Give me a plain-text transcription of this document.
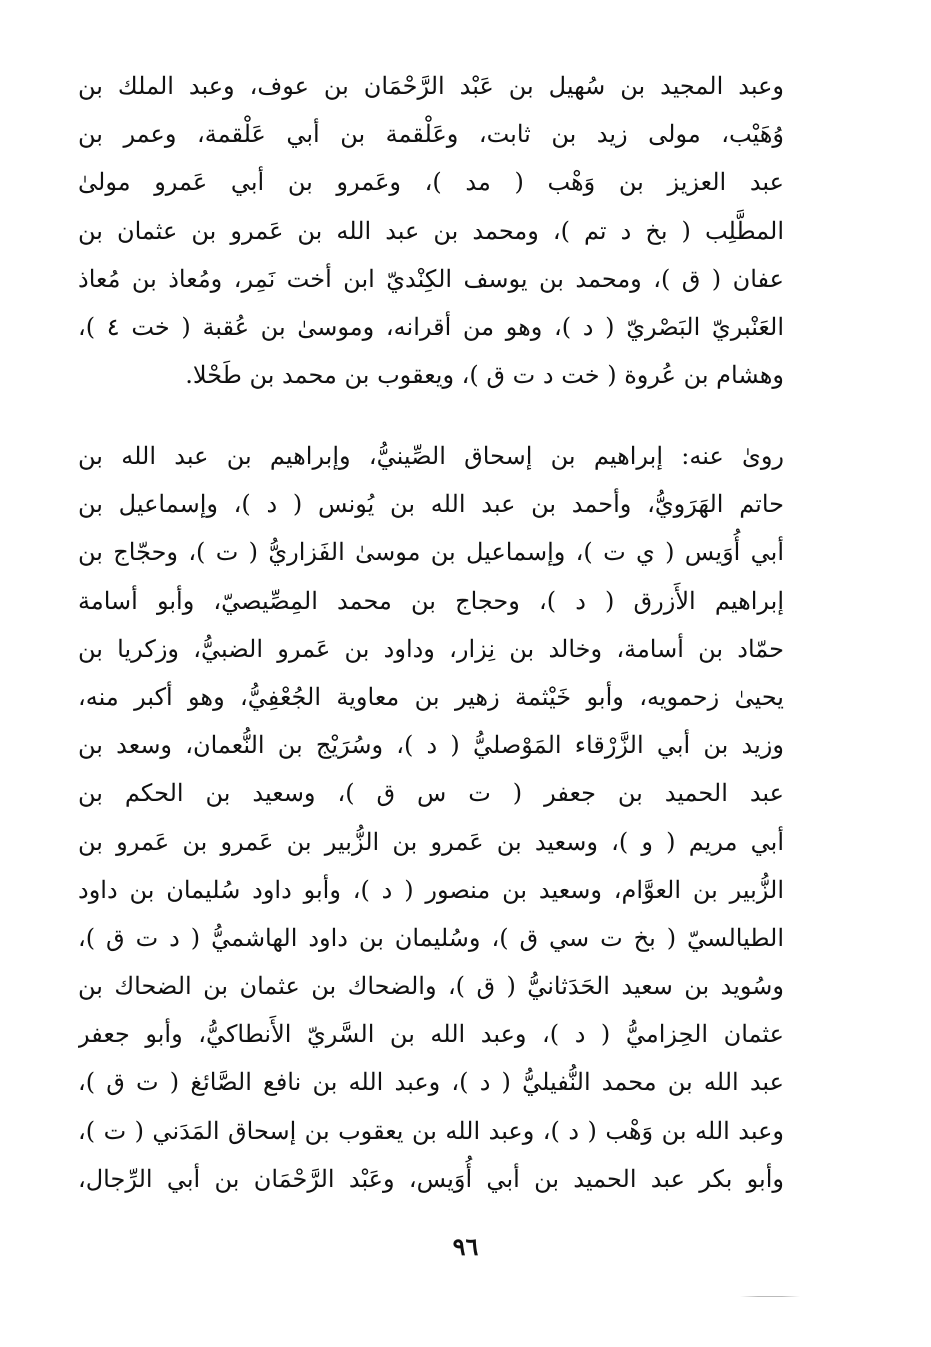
وعبد المجيد بن سُهيل بن عَبْد الرَّحْمَان بن عوف، وعبد الملك بن
وُهَيْب، مولى زيد بن ثابت، وعَلْقمة بن أبي عَلْقمة، وعمر بن
عبد العزيز بن وَهْب ( مد )، وعَمرو بن أبي عَمرو مولىٰ
المطَّلِب ( بخ د تم )، ومحمد بن عبد الله بن عَمرو بن عثمان بن
عفان ( ق )، ومحمد بن يوسف الكِنْديّ ابن أخت نَمِر، ومُعاذ بن مُعاذ
العَنْبريّ البَصْريّ ( د )، وهو من أقرانه، وموسىٰ بن عُقبة ( خت ٤ )،
وهشام بن عُروة ( خت د ت ق )، ويعقوب بن محمد بن طَحْلا.
رویٰ عنه: إبراهيم بن إسحاق الصِّينيُّ، وإبراهيم بن عبد الله بن
حاتم الهَرَويُّ، وأحمد بن عبد الله بن يُونس ( د )، وإسماعيل بن
أبي أُوَيس ( ي ت )، وإسماعيل بن موسىٰ الفَزاريُّ ( ت )، وحجّاج بن
إبراهيم الأَزرق ( د )، وحجاج بن محمد المِصِّيصيّ، وأبو أسامة
حمّاد بن أسامة، وخالد بن نِزار، وداود بن عَمرو الضبيُّ، وزكريا بن
يحيىٰ زحمويه، وأبو خَيْثمة زهير بن معاوية الجُعْفِيُّ، وهو أكبر منه،
وزيد بن أبي الزَّرْقاء المَوْصليُّ ( د )، وسُرَيْج بن النُّعمان، وسعد بن
عبد الحميد بن جعفر ( ت س ق )، وسعيد بن الحكم بن
أبي مريم ( و )، وسعيد بن عَمرو بن الزُّبير بن عَمرو بن عَمرو بن
الزُّبير بن العوَّام، وسعيد بن منصور ( د )، وأبو داود سُليمان بن داود
الطيالسيّ ( بخ ت سي ق )، وسُليمان بن داود الهاشميُّ ( د ت ق )،
وسُويد بن سعيد الحَدَثانيُّ ( ق )، والضحاك بن عثمان بن الضحاك بن
عثمان الحِزاميُّ ( د )، وعبد الله بن السَّريّ الأَنطاكيُّ، وأبو جعفر
عبد الله بن محمد النُّفيليُّ ( د )، وعبد الله بن نافع الصَّائغ ( ت ق )،
وعبد الله بن وَهْب ( د )، وعبد الله بن يعقوب بن إسحاق المَدَني ( ت )،
وأبو بكر عبد الحميد بن أبي أُوَيس، وعَبْد الرَّحْمَان بن أبي الرِّجال،
٩٦
